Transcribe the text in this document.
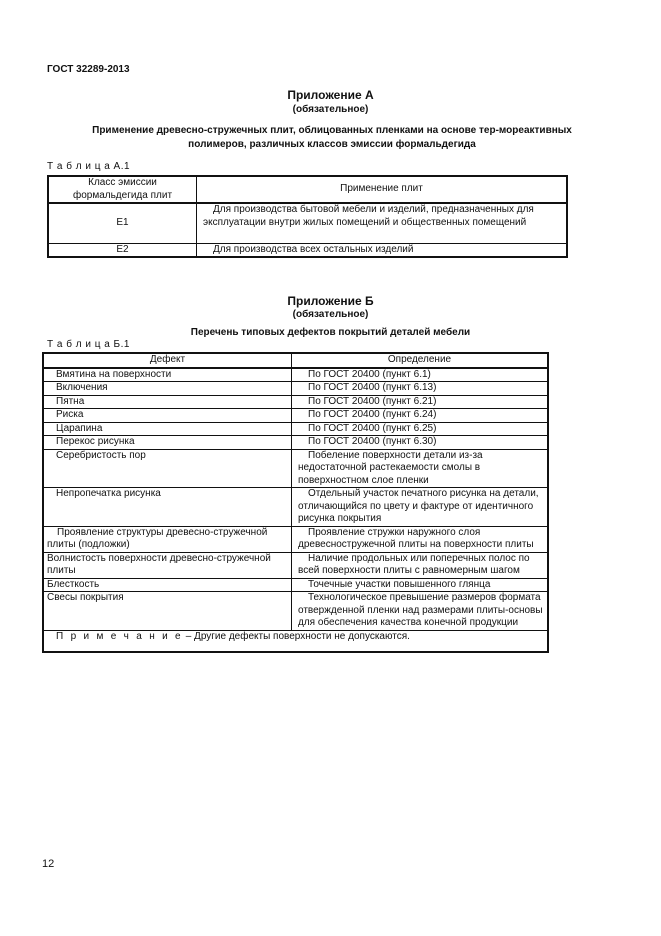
ГОСТ 32289-2013
Приложение А
(обязательное)
Применение древесно-стружечных плит, облицованных пленками на основе тер-мореактивных полимеров, различных классов эмиссии формальдегида
Т а б л и ц а А.1
Класс эмиссии формальдегида плит	Применение плит
Е1	Для производства бытовой мебели и изделий, предназначенных для эксплуатации внутри жилых помещений и общественных помещений
Е2	Для производства всех остальных изделий
Приложение Б
(обязательное)
Перечень типовых дефектов покрытий деталей мебели
Т а б л и ц а Б.1
Дефект	Определение
Вмятина на поверхности	По ГОСТ 20400 (пункт 6.1)
Включения	По ГОСТ 20400 (пункт 6.13)
Пятна	По ГОСТ 20400 (пункт 6.21)
Риска	По ГОСТ 20400 (пункт 6.24)
Царапина	По ГОСТ 20400 (пункт 6.25)
Перекос рисунка	По ГОСТ 20400 (пункт 6.30)
Серебристость пор	Побеление поверхности детали из-за недостаточной растекаемости смолы в поверхностном слое пленки
Непропечатка рисунка	Отдельный участок печатного рисунка на детали, отличающийся по цвету и фактуре от идентичного рисунка покрытия
Проявление структуры древесно-стружечной плиты (подложки)	Проявление стружки наружного слоя древесностружечной плиты на поверхности плиты
Волнистость поверхности древесно-стружечной плиты	Наличие продольных или поперечных полос по всей поверхности плиты с равномерным шагом
Блесткость	Точечные участки повышенного глянца
Свесы покрытия	Технологическое превышение размеров формата отвержденной пленки над размерами плиты-основы для обеспечения качества конечной продукции
П р и м е ч а н и е – Другие дефекты поверхности не допускаются.	
12
